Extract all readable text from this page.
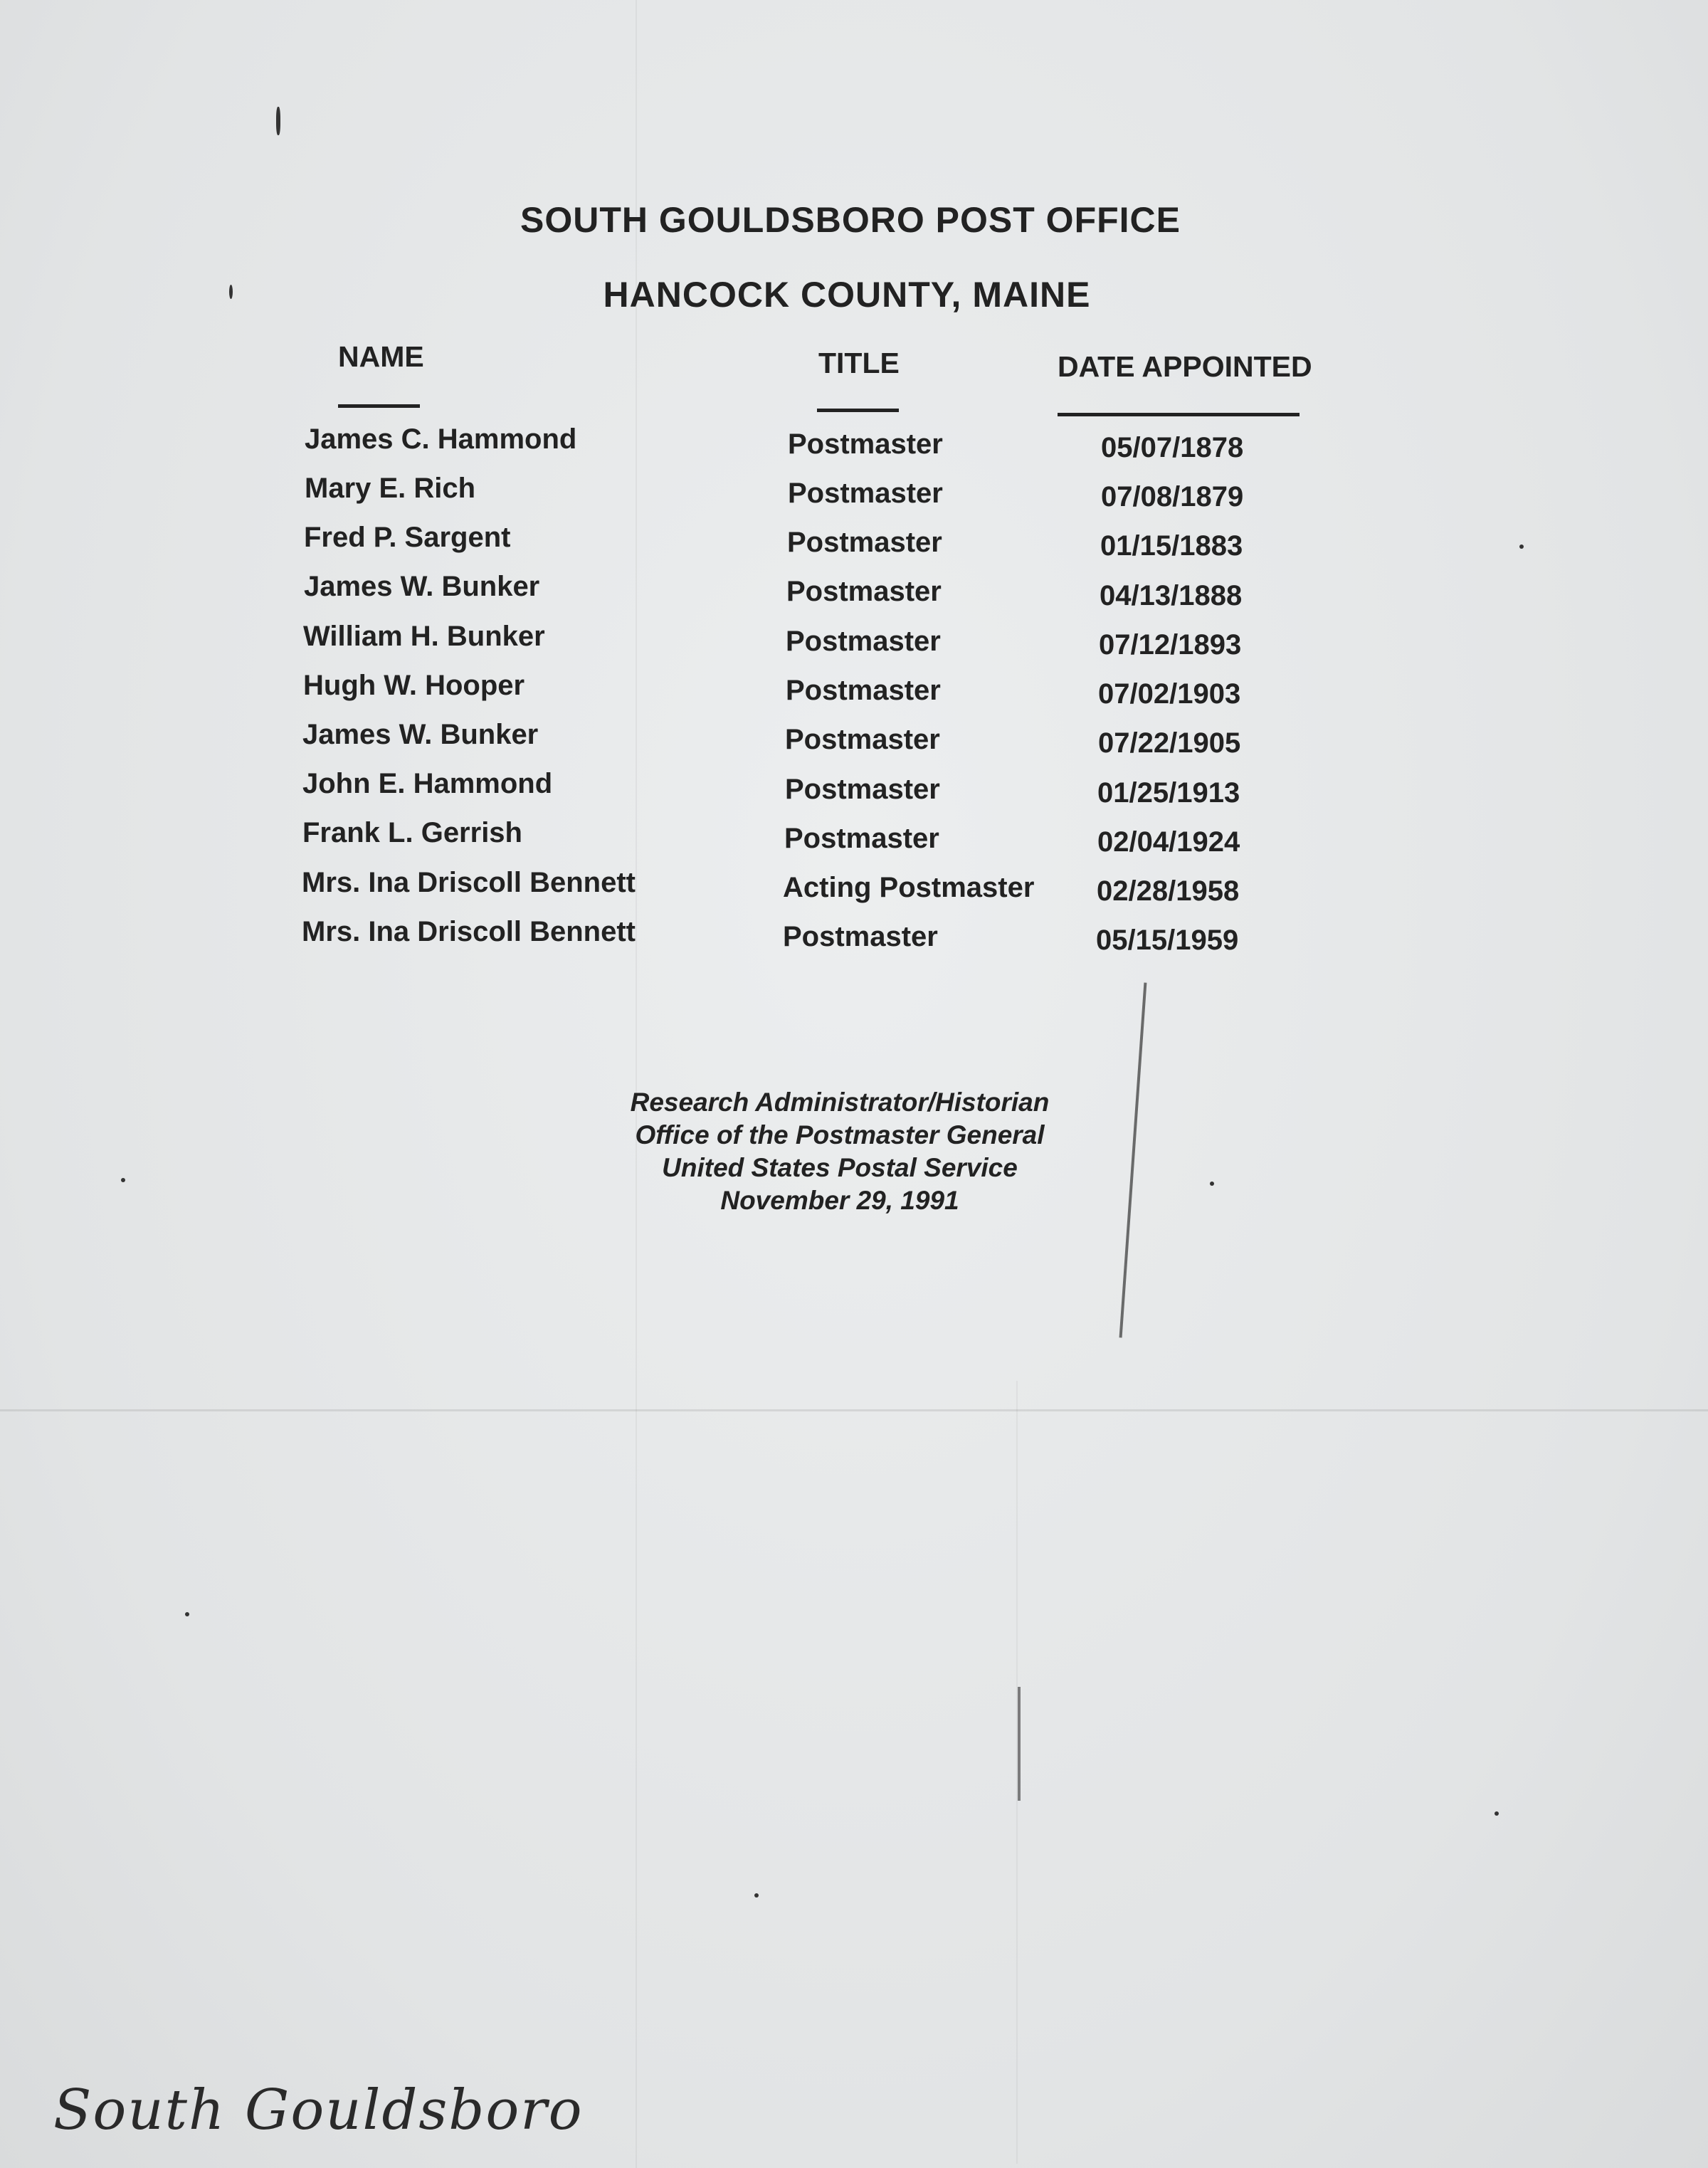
SOUTH GOULDSBORO POST OFFICE
HANCOCK COUNTY, MAINE
NAME	TITLE	DATE APPOINTED
James C. Hammond	Postmaster	05/07/1878
Mary E. Rich	Postmaster	07/08/1879
Fred P. Sargent	Postmaster	01/15/1883
James W. Bunker	Postmaster	04/13/1888
William H. Bunker	Postmaster	07/12/1893
Hugh W. Hooper	Postmaster	07/02/1903
James W. Bunker	Postmaster	07/22/1905
John E. Hammond	Postmaster	01/25/1913
Frank L. Gerrish	Postmaster	02/04/1924
Mrs. Ina Driscoll Bennett	Acting Postmaster 02/28/1958
Mrs. Ina Driscoll Bennett	Postmaster	05/15/1959
Research Administrator/Historian
Office of the Postmaster General
United States Postal Service
November 29, 1991
South Gouldsboro
